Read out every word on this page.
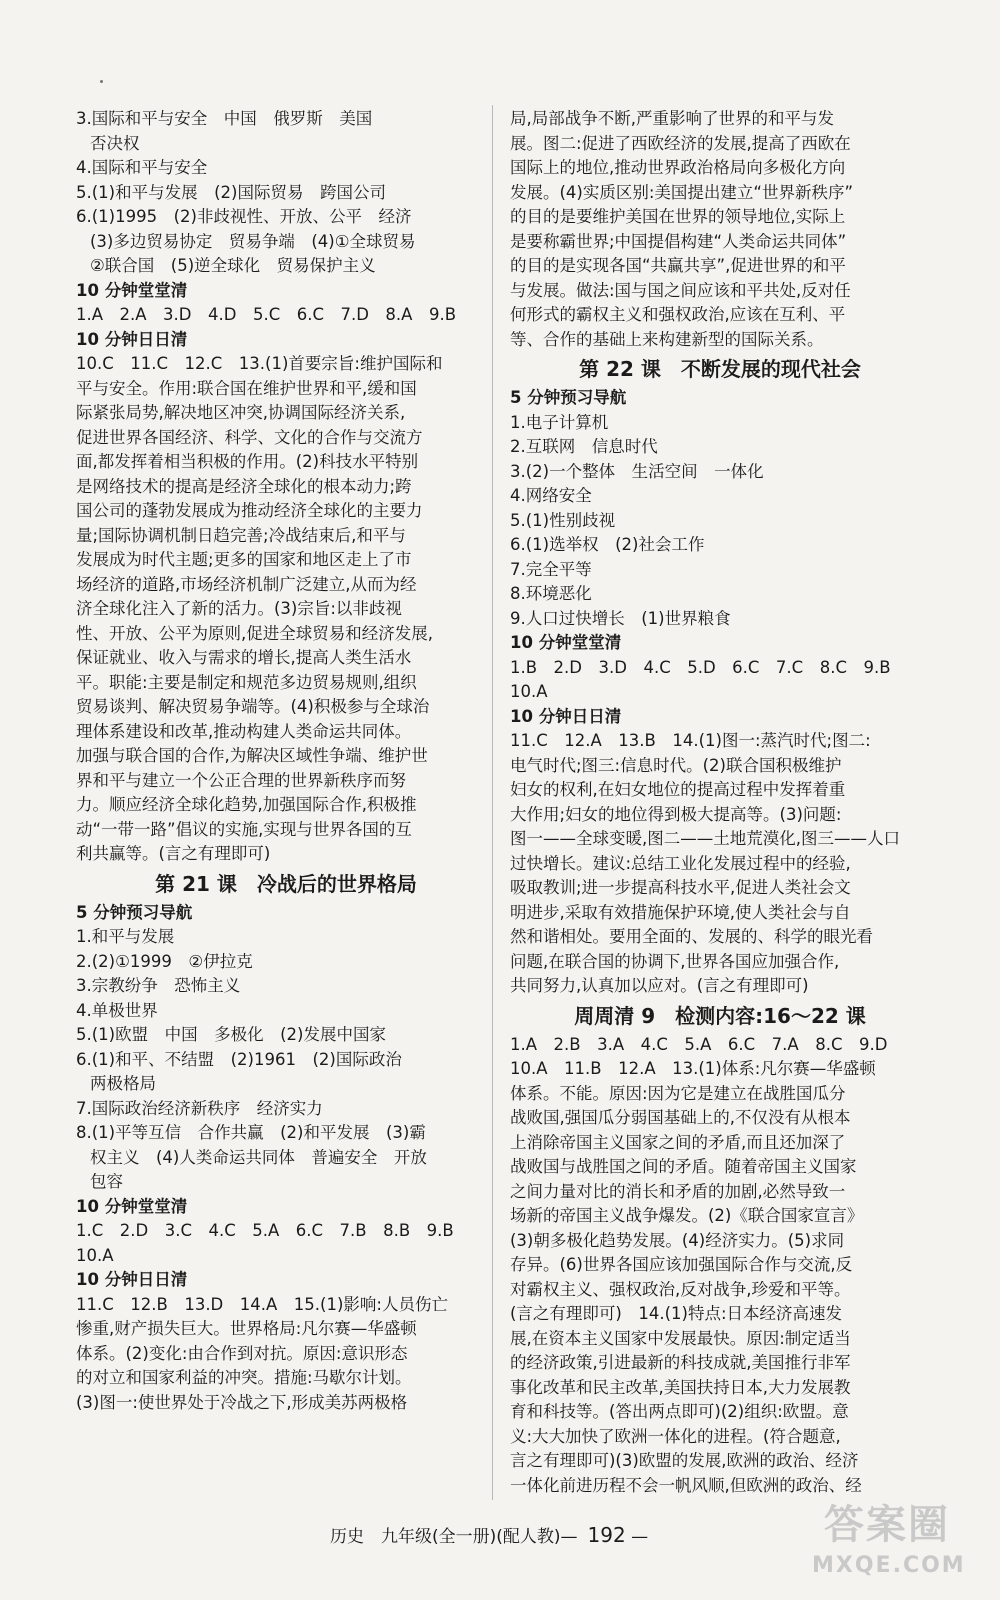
3.国际和平与安全　中国　俄罗斯　美国
否决权
4.国际和平与安全
5.(1)和平与发展　(2)国际贸易　跨国公司
6.(1)1995　(2)非歧视性、开放、公平　经济
(3)多边贸易协定　贸易争端　(4)①全球贸易
②联合国　(5)逆全球化　贸易保护主义
10 分钟堂堂清
1.A　2.A　3.D　4.D　5.C　6.C　7.D　8.A　9.B
10 分钟日日清
10.C　11.C　12.C　13.(1)首要宗旨:维护国际和
平与安全。作用:联合国在维护世界和平,缓和国
际紧张局势,解决地区冲突,协调国际经济关系,
促进世界各国经济、科学、文化的合作与交流方
面,都发挥着相当积极的作用。(2)科技水平特别
是网络技术的提高是经济全球化的根本动力;跨
国公司的蓬勃发展成为推动经济全球化的主要力
量;国际协调机制日趋完善;冷战结束后,和平与
发展成为时代主题;更多的国家和地区走上了市
场经济的道路,市场经济机制广泛建立,从而为经
济全球化注入了新的活力。(3)宗旨:以非歧视
性、开放、公平为原则,促进全球贸易和经济发展,
保证就业、收入与需求的增长,提高人类生活水
平。职能:主要是制定和规范多边贸易规则,组织
贸易谈判、解决贸易争端等。(4)积极参与全球治
理体系建设和改革,推动构建人类命运共同体。
加强与联合国的合作,为解决区域性争端、维护世
界和平与建立一个公正合理的世界新秩序而努
力。顺应经济全球化趋势,加强国际合作,积极推
动“一带一路”倡议的实施,实现与世界各国的互
利共赢等。(言之有理即可)
第 21 课　冷战后的世界格局
5 分钟预习导航
1.和平与发展
2.(2)①1999　②伊拉克
3.宗教纷争　恐怖主义
4.单极世界
5.(1)欧盟　中国　多极化　(2)发展中国家
6.(1)和平、不结盟　(2)1961　(2)国际政治
两极格局
7.国际政治经济新秩序　经济实力
8.(1)平等互信　合作共赢　(2)和平发展　(3)霸
权主义　(4)人类命运共同体　普遍安全　开放
包容
10 分钟堂堂清
1.C　2.D　3.C　4.C　5.A　6.C　7.B　8.B　9.B
10.A
10 分钟日日清
11.C　12.B　13.D　14.A　15.(1)影响:人员伤亡
惨重,财产损失巨大。世界格局:凡尔赛—华盛顿
体系。(2)变化:由合作到对抗。原因:意识形态
的对立和国家利益的冲突。措施:马歇尔计划。
(3)图一:使世界处于冷战之下,形成美苏两极格
局,局部战争不断,严重影响了世界的和平与发
展。图二:促进了西欧经济的发展,提高了西欧在
国际上的地位,推动世界政治格局向多极化方向
发展。(4)实质区别:美国提出建立“世界新秩序”
的目的是要维护美国在世界的领导地位,实际上
是要称霸世界;中国提倡构建“人类命运共同体”
的目的是实现各国“共赢共享”,促进世界的和平
与发展。做法:国与国之间应该和平共处,反对任
何形式的霸权主义和强权政治,应该在互利、平
等、合作的基础上来构建新型的国际关系。
第 22 课　不断发展的现代社会
5 分钟预习导航
1.电子计算机
2.互联网　信息时代
3.(2)一个整体　生活空间　一体化
4.网络安全
5.(1)性别歧视
6.(1)选举权　(2)社会工作
7.完全平等
8.环境恶化
9.人口过快增长　(1)世界粮食
10 分钟堂堂清
1.B　2.D　3.D　4.C　5.D　6.C　7.C　8.C　9.B
10.A
10 分钟日日清
11.C　12.A　13.B　14.(1)图一:蒸汽时代;图二:
电气时代;图三:信息时代。(2)联合国积极维护
妇女的权利,在妇女地位的提高过程中发挥着重
大作用;妇女的地位得到极大提高等。(3)问题:
图一——全球变暖,图二——土地荒漠化,图三——人口
过快增长。建议:总结工业化发展过程中的经验,
吸取教训;进一步提高科技水平,促进人类社会文
明进步,采取有效措施保护环境,使人类社会与自
然和谐相处。要用全面的、发展的、科学的眼光看
问题,在联合国的协调下,世界各国应加强合作,
共同努力,认真加以应对。(言之有理即可)
周周清 9　检测内容:16～22 课
1.A　2.B　3.A　4.C　5.A　6.C　7.A　8.C　9.D
10.A　11.B　12.A　13.(1)体系:凡尔赛—华盛顿
体系。不能。原因:因为它是建立在战胜国瓜分
战败国,强国瓜分弱国基础上的,不仅没有从根本
上消除帝国主义国家之间的矛盾,而且还加深了
战败国与战胜国之间的矛盾。随着帝国主义国家
之间力量对比的消长和矛盾的加剧,必然导致一
场新的帝国主义战争爆发。(2)《联合国家宣言》
(3)朝多极化趋势发展。(4)经济实力。(5)求同
存异。(6)世界各国应该加强国际合作与交流,反
对霸权主义、强权政治,反对战争,珍爱和平等。
(言之有理即可)　14.(1)特点:日本经济高速发
展,在资本主义国家中发展最快。原因:制定适当
的经济政策,引进最新的科技成就,美国推行非军
事化改革和民主改革,美国扶持日本,大力发展教
育和科技等。(答出两点即可)(2)组织:欧盟。意
义:大大加快了欧洲一体化的进程。(符合题意,
言之有理即可)(3)欧盟的发展,欧洲的政治、经济
一体化前进历程不会一帆风顺,但欧洲的政治、经
历史　九年级(全一册)(配人教)— 192 —	答案圈
MXQE.COM
